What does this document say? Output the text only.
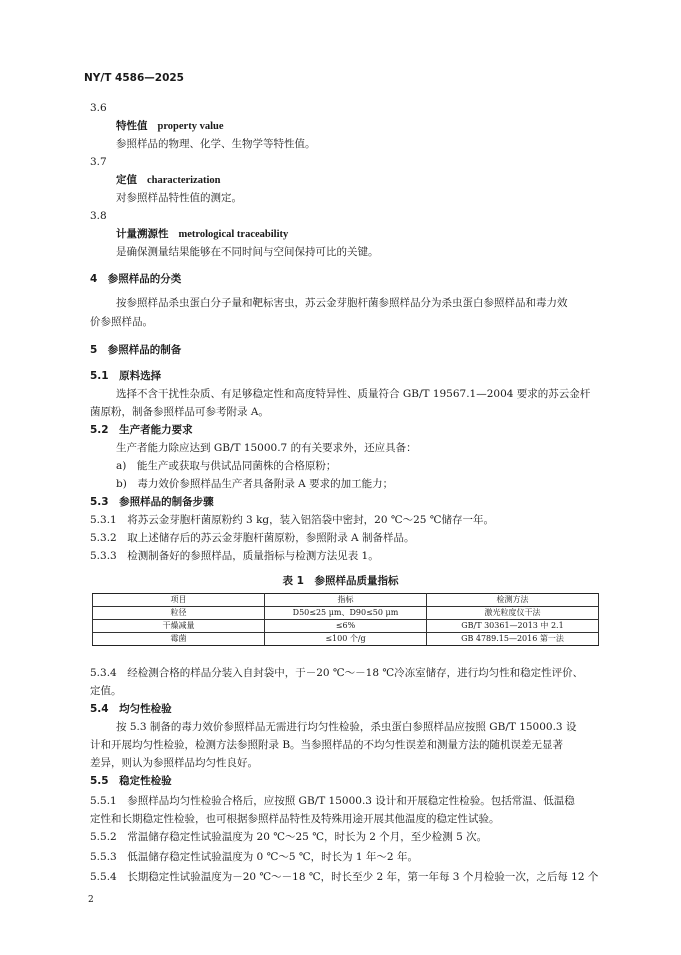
NY/T 4586—2025
3.6
特性值 property value
参照样品的物理、化学、生物学等特性值。
3.7
定值 characterization
对参照样品特性值的测定。
3.8
计量溯源性 metrological traceability
是确保测量结果能够在不同时间与空间保持可比的关键。
4　参照样品的分类
按参照样品杀虫蛋白分子量和靶标害虫，苏云金芽胞杆菌参照样品分为杀虫蛋白参照样品和毒力效
价参照样品。
5　参照样品的制备
5.1　原料选择
选择不含干扰性杂质、有足够稳定性和高度特异性、质量符合 GB/T 19567.1—2004 要求的苏云金杆
菌原粉，制备参照样品可参考附录 A。
5.2　生产者能力要求
生产者能力除应达到 GB/T 15000.7 的有关要求外，还应具备：
a)　能生产或获取与供试品同菌株的合格原粉；
b)　毒力效价参照样品生产者具备附录 A 要求的加工能力；
5.3　参照样品的制备步骤
5.3.1　将苏云金芽胞杆菌原粉约 3 kg，装入铝箔袋中密封，20 ℃～25 ℃储存一年。
5.3.2　取上述储存后的苏云金芽胞杆菌原粉，参照附录 A 制备样品。
5.3.3　检测制备好的参照样品，质量指标与检测方法见表 1。
表 1　参照样品质量指标
项目	指标	检测方法
粒径	D50≤25 μm、D90≤50 μm	激光粒度仪干法
干燥减量	≤6%	GB/T 30361—2013 中 2.1
霉菌	≤100 个/g	GB 4789.15—2016 第一法
5.3.4　经检测合格的样品分装入自封袋中，于－20 ℃～－18 ℃冷冻室储存，进行均匀性和稳定性评价、
定值。
5.4　均匀性检验
按 5.3 制备的毒力效价参照样品无需进行均匀性检验，杀虫蛋白参照样品应按照 GB/T 15000.3 设
计和开展均匀性检验，检测方法参照附录 B。当参照样品的不均匀性误差和测量方法的随机误差无显著
差异，则认为参照样品均匀性良好。
5.5　稳定性检验
5.5.1　参照样品均匀性检验合格后，应按照 GB/T 15000.3 设计和开展稳定性检验。包括常温、低温稳
定性和长期稳定性检验，也可根据参照样品特性及特殊用途开展其他温度的稳定性试验。
5.5.2　常温储存稳定性试验温度为 20 ℃～25 ℃，时长为 2 个月，至少检测 5 次。
5.5.3　低温储存稳定性试验温度为 0 ℃～5 ℃，时长为 1 年～2 年。
5.5.4　长期稳定性试验温度为－20 ℃～－18 ℃，时长至少 2 年，第一年每 3 个月检验一次，之后每 12 个
2
